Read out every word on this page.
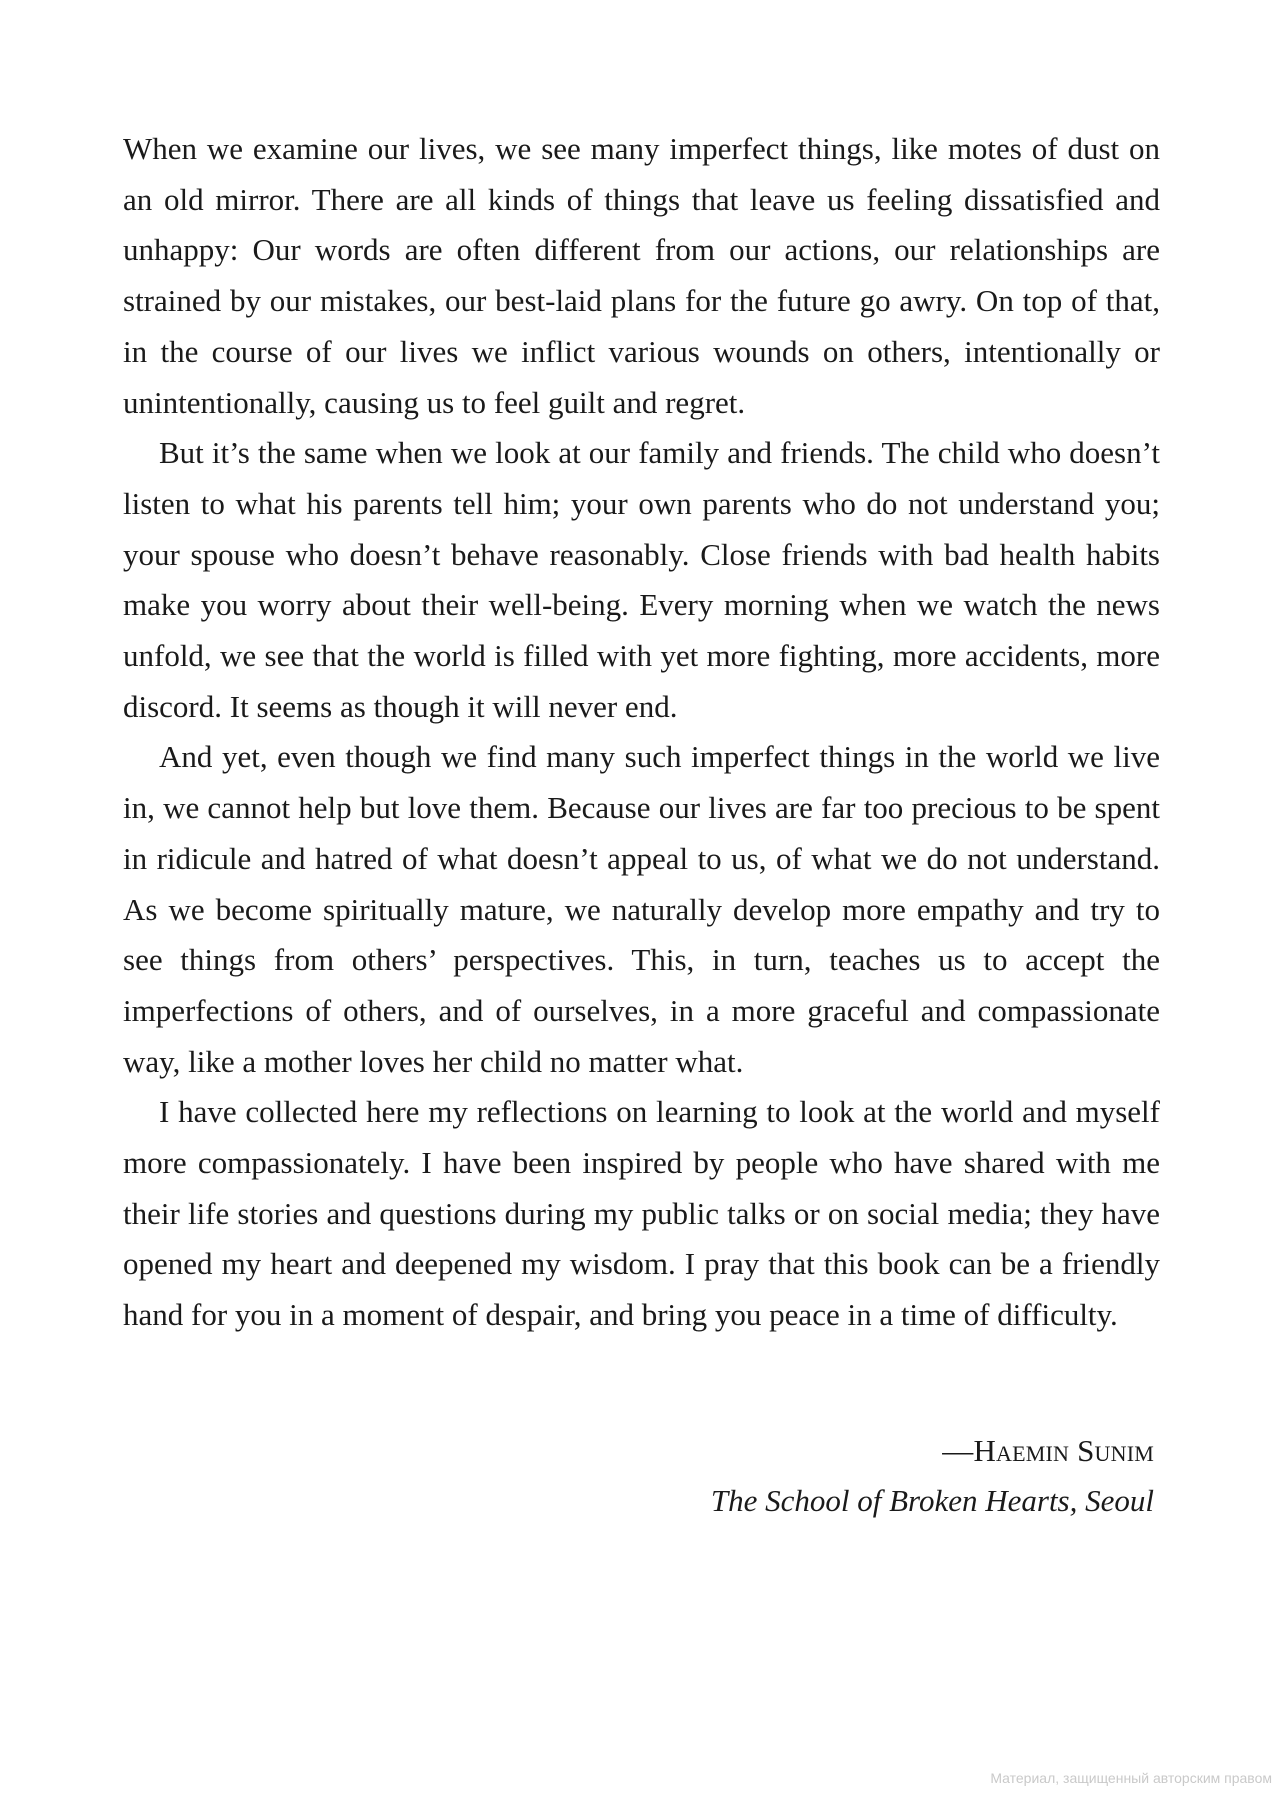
When we examine our lives, we see many imperfect things, like motes of dust on an old mirror. There are all kinds of things that leave us feeling dissatisfied and unhappy: Our words are often different from our actions, our relationships are strained by our mistakes, our best-laid plans for the future go awry. On top of that, in the course of our lives we inflict various wounds on others, intentionally or unintentionally, causing us to feel guilt and regret.

But it’s the same when we look at our family and friends. The child who doesn’t listen to what his parents tell him; your own parents who do not understand you; your spouse who doesn’t behave reasonably. Close friends with bad health habits make you worry about their well-being. Every morning when we watch the news unfold, we see that the world is filled with yet more fighting, more accidents, more discord. It seems as though it will never end.

And yet, even though we find many such imperfect things in the world we live in, we cannot help but love them. Because our lives are far too precious to be spent in ridicule and hatred of what doesn’t appeal to us, of what we do not understand. As we become spiritually mature, we naturally develop more empathy and try to see things from others’ perspectives. This, in turn, teaches us to accept the imperfections of others, and of ourselves, in a more graceful and compassionate way, like a mother loves her child no matter what.

I have collected here my reflections on learning to look at the world and myself more compassionately. I have been inspired by people who have shared with me their life stories and questions during my public talks or on social media; they have opened my heart and deepened my wisdom. I pray that this book can be a friendly hand for you in a moment of despair, and bring you peace in a time of difficulty.

—Haemin Sunim
The School of Broken Hearts, Seoul
Материал, защищенный авторским правом
